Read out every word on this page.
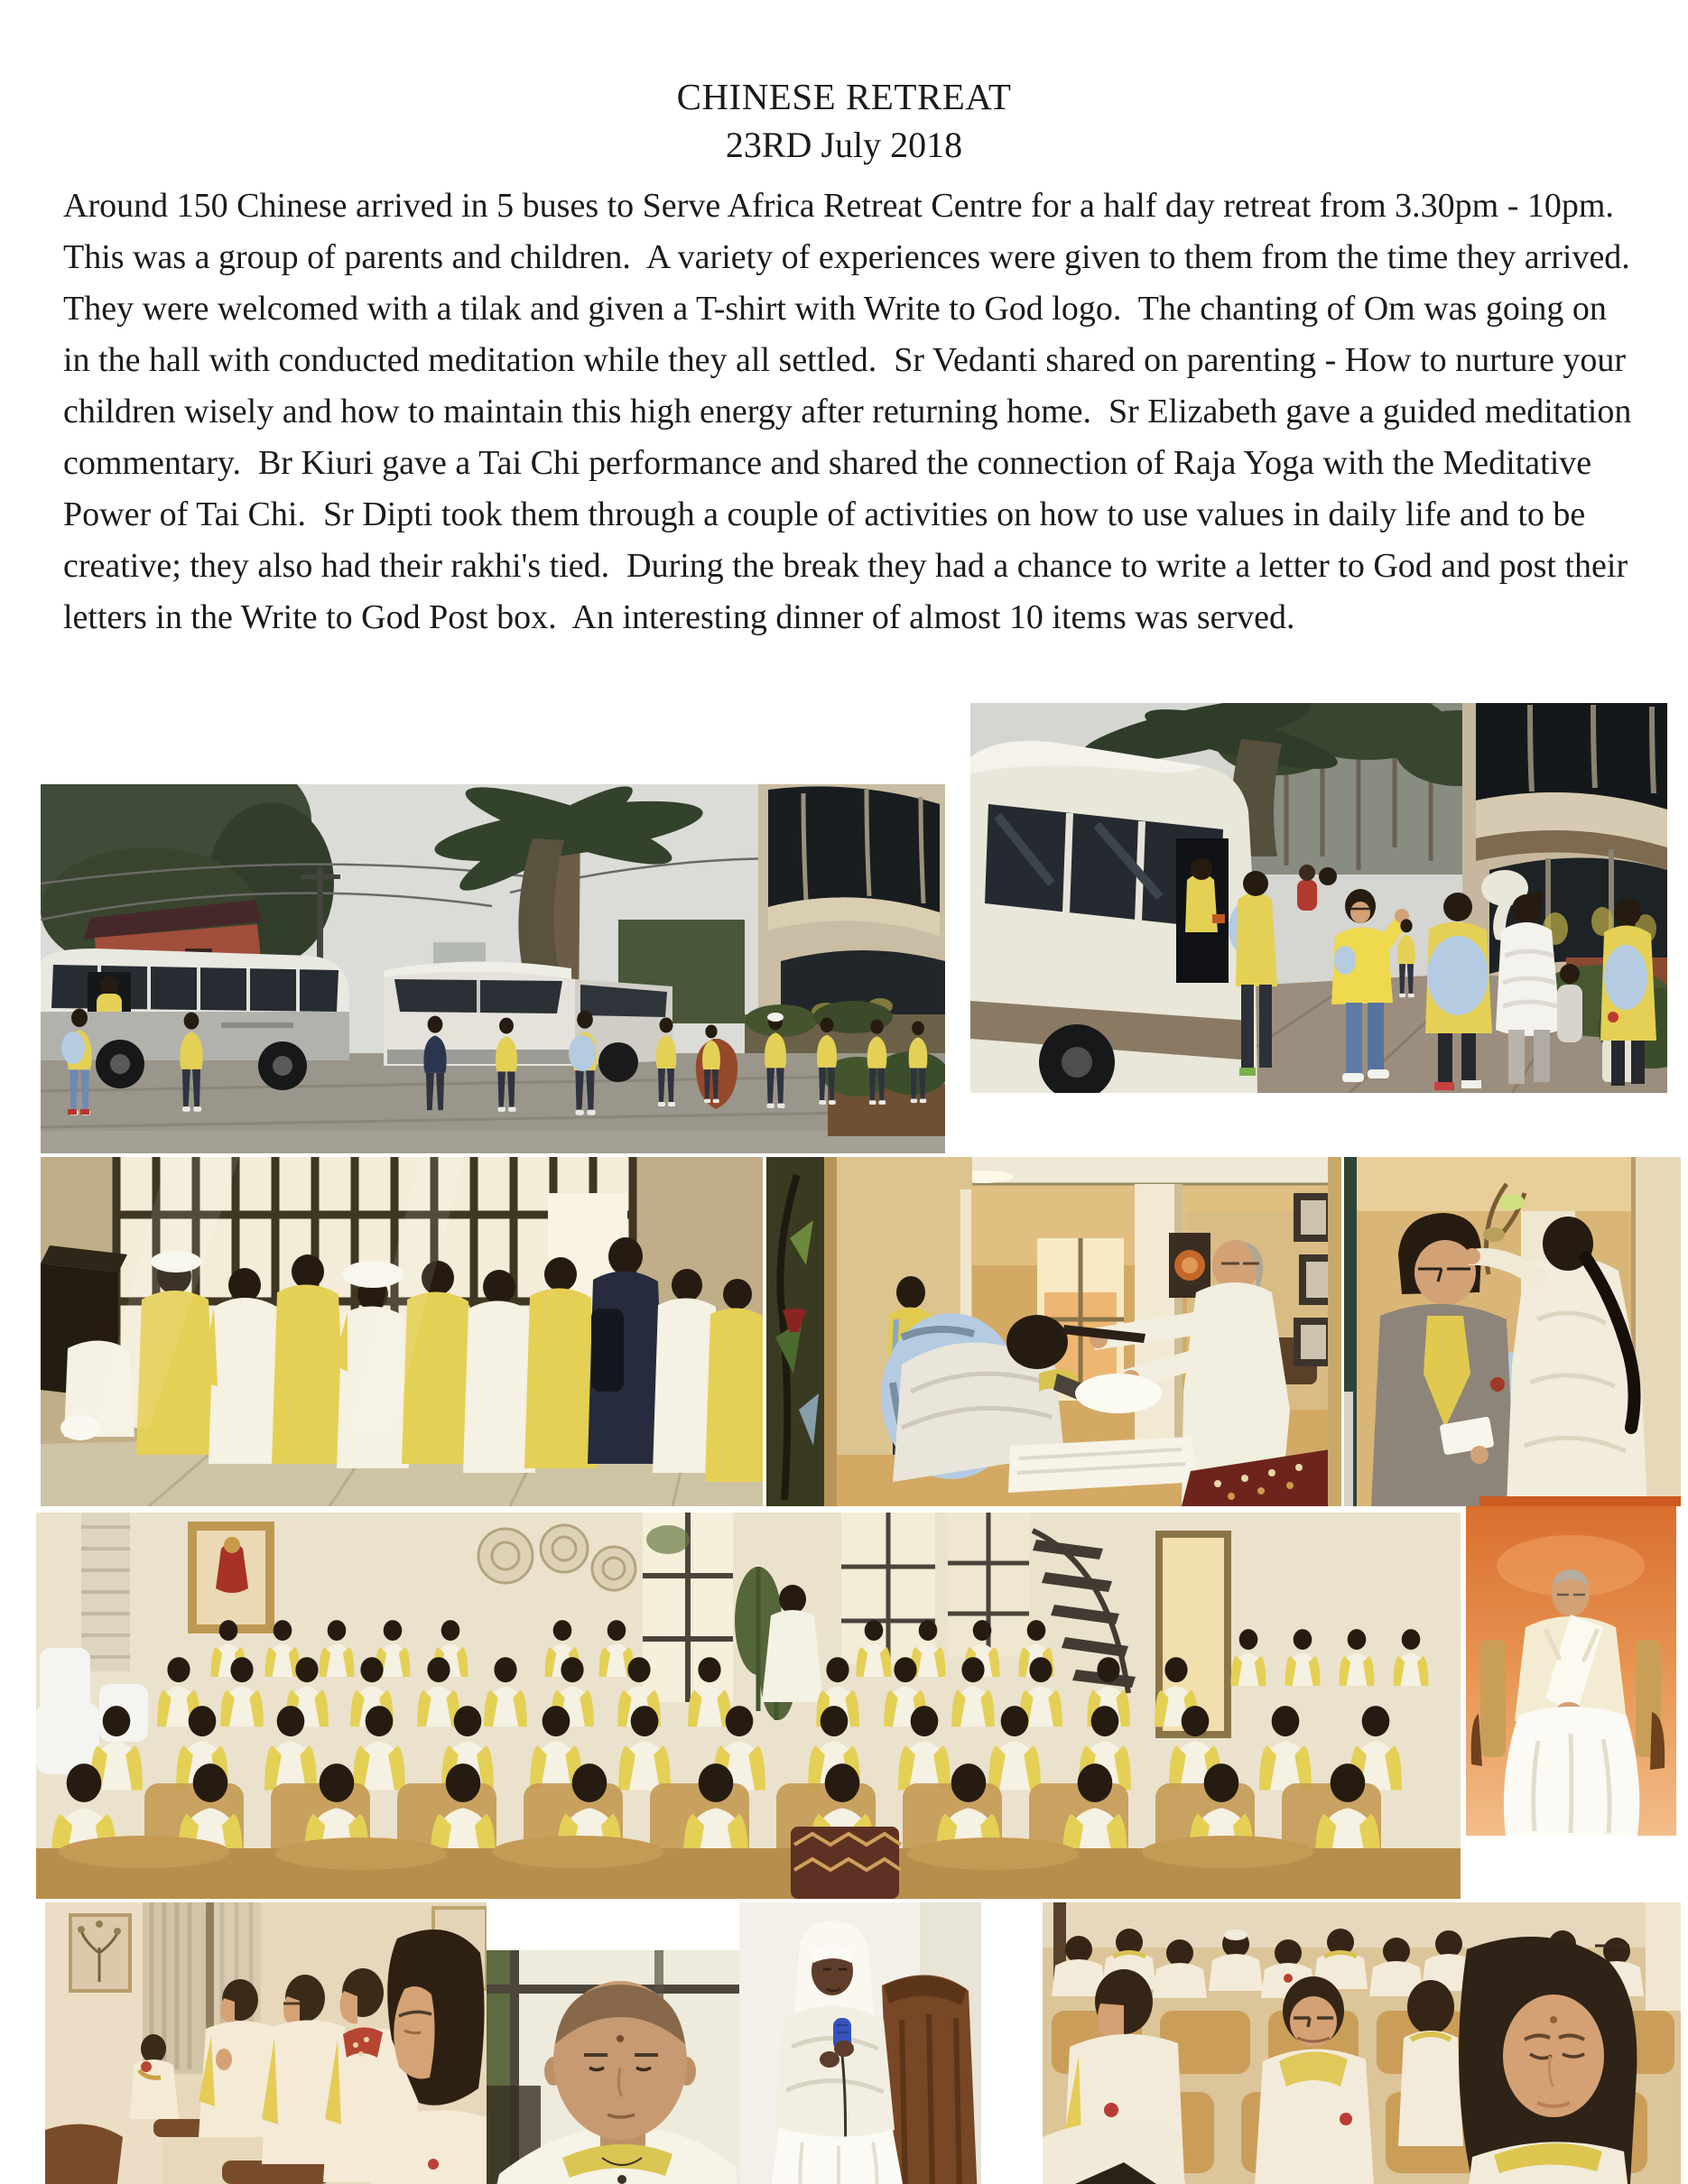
CHINESE RETREAT
23RD July 2018
Around 150 Chinese arrived in 5 buses to Serve Africa Retreat Centre for a half day retreat from 3.30pm - 10pm.  This was a group of parents and children.  A variety of experiences were given to them from the time they arrived.  They were welcomed with a tilak and given a T-shirt with Write to God logo.  The chanting of Om was going on in the hall with conducted meditation while they all settled.  Sr Vedanti shared on parenting - How to nurture your children wisely and how to maintain this high energy after returning home.  Sr Elizabeth gave a guided meditation commentary.  Br Kiuri gave a Tai Chi performance and shared the connection of Raja Yoga with the Meditative Power of Tai Chi.  Sr Dipti took them through a couple of activities on how to use values in daily life and to be creative; they also had their rakhi's tied.  During the break they had a chance to write a letter to God and post their letters in the Write to God Post box.  An interesting dinner of almost 10 items was served.
